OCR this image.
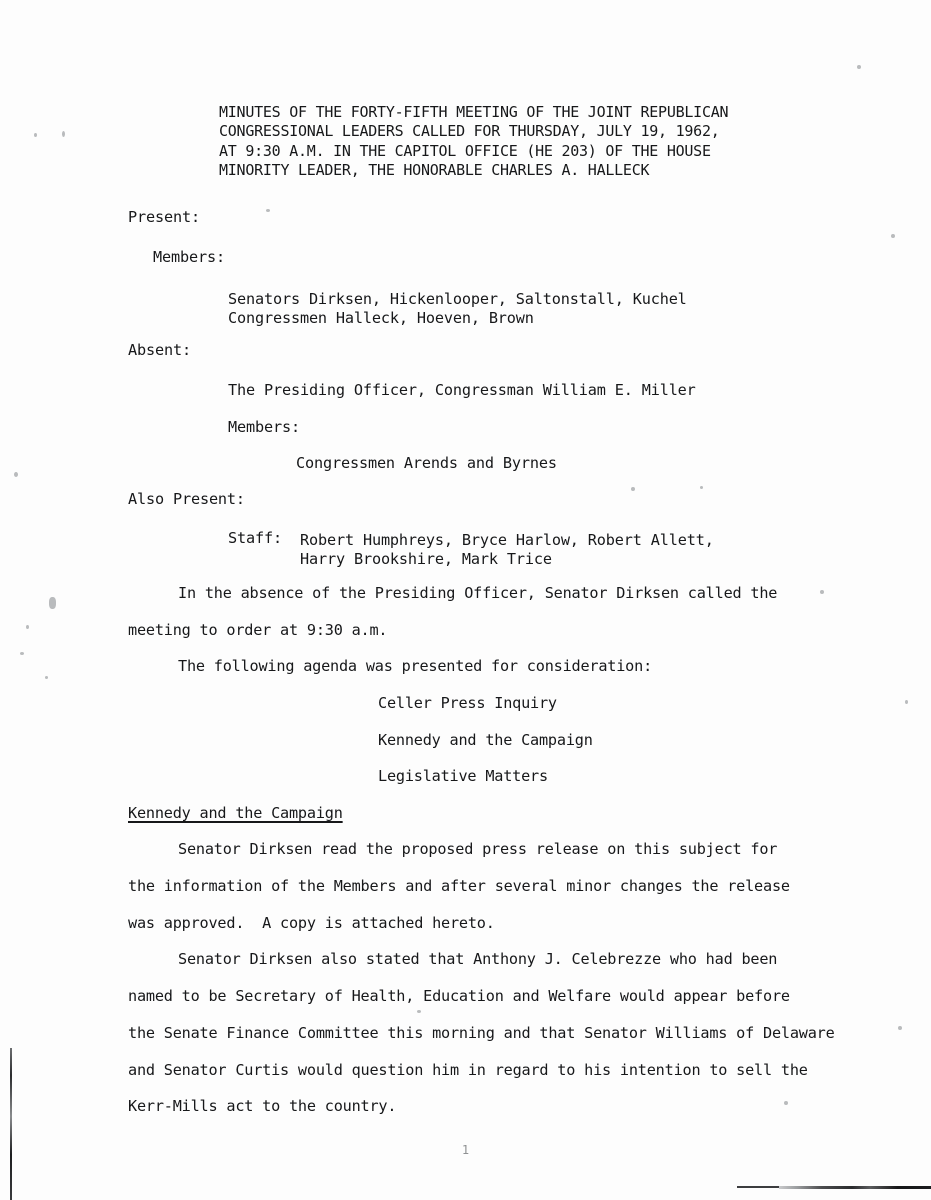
MINUTES OF THE FORTY-FIFTH MEETING OF THE JOINT REPUBLICAN
CONGRESSIONAL LEADERS CALLED FOR THURSDAY, JULY 19, 1962,
AT 9:30 A.M. IN THE CAPITOL OFFICE (HE 203) OF THE HOUSE
MINORITY LEADER, THE HONORABLE CHARLES A. HALLECK
Present:
Members:
Senators Dirksen, Hickenlooper, Saltonstall, Kuchel
Congressmen Halleck, Hoeven, Brown
Absent:
The Presiding Officer, Congressman William E. Miller
Members:
Congressmen Arends and Byrnes
Also Present:
Staff: Robert Humphreys, Bryce Harlow, Robert Allett,
Harry Brookshire, Mark Trice
In the absence of the Presiding Officer, Senator Dirksen called the
meeting to order at 9:30 a.m.
The following agenda was presented for consideration:
Celler Press Inquiry
Kennedy and the Campaign
Legislative Matters
Kennedy and the Campaign
Senator Dirksen read the proposed press release on this subject for
the information of the Members and after several minor changes the release
was approved.  A copy is attached hereto.
Senator Dirksen also stated that Anthony J. Celebrezze who had been
named to be Secretary of Health, Education and Welfare would appear before
the Senate Finance Committee this morning and that Senator Williams of Delaware
and Senator Curtis would question him in regard to his intention to sell the
Kerr-Mills act to the country.
1
